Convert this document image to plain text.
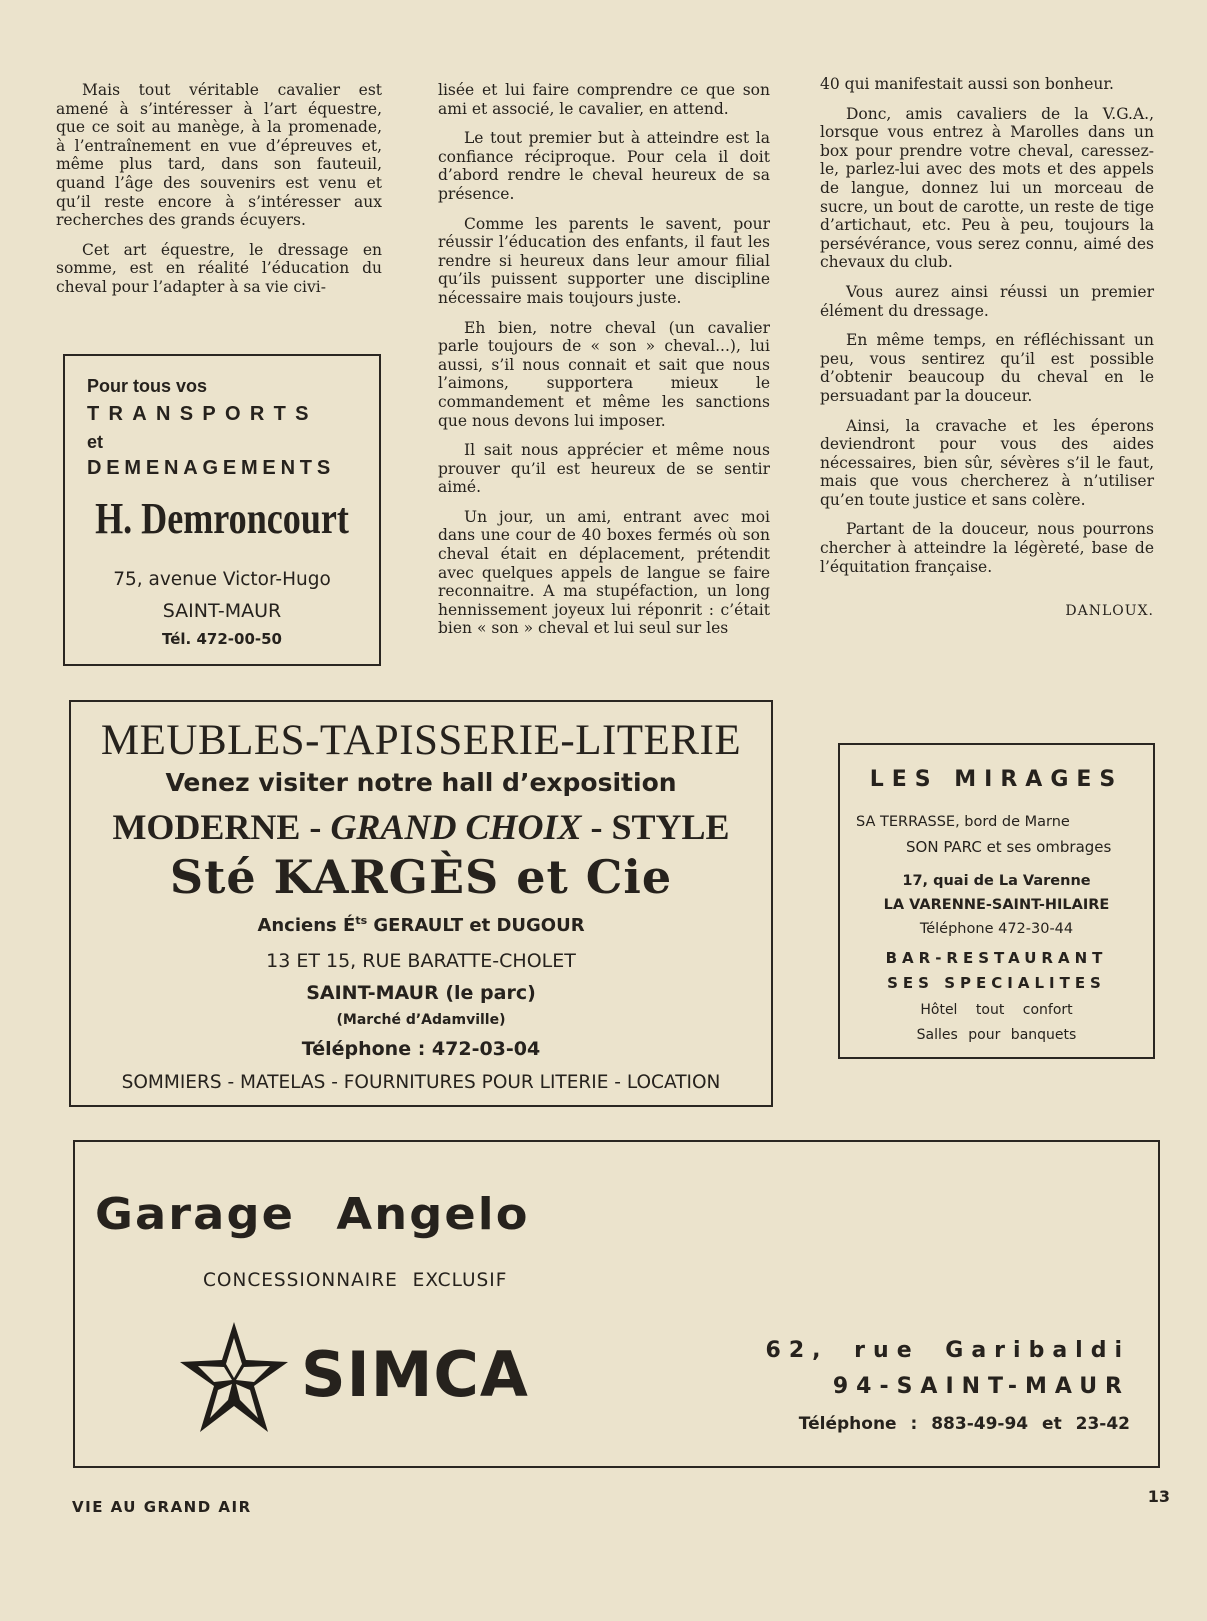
Mais tout véritable cavalier est amené à s’intéresser à l’art équestre, que ce soit au manège, à la promenade, à l’entraînement en vue d’épreuves et, même plus tard, dans son fauteuil, quand l’âge des souvenirs est venu et qu’il reste encore à s’intéresser aux recherches des grands écuyers.

Cet art équestre, le dressage en somme, est en réalité l’éducation du cheval pour l’adapter à sa vie civi-

lisée et lui faire comprendre ce que son ami et associé, le cavalier, en attend.

Le tout premier but à atteindre est la confiance réciproque. Pour cela il doit d’abord rendre le cheval heureux de sa présence.

Comme les parents le savent, pour réussir l’éducation des enfants, il faut les rendre si heureux dans leur amour filial qu’ils puissent supporter une discipline nécessaire mais toujours juste.

Eh bien, notre cheval (un cavalier parle toujours de « son » cheval...), lui aussi, s’il nous connait et sait que nous l’aimons, supportera mieux le commandement et même les sanctions que nous devons lui imposer.

Il sait nous apprécier et même nous prouver qu’il est heureux de se sentir aimé.

Un jour, un ami, entrant avec moi dans une cour de 40 boxes fermés où son cheval était en déplacement, prétendit avec quelques appels de langue se faire reconnaitre. A ma stupéfaction, un long hennissement joyeux lui réponrit : c’était bien « son » cheval et lui seul sur les

40 qui manifestait aussi son bonheur.

Donc, amis cavaliers de la V.G.A., lorsque vous entrez à Marolles dans un box pour prendre votre cheval, caressez-le, parlez-lui avec des mots et des appels de langue, donnez lui un morceau de sucre, un bout de carotte, un reste de tige d’artichaut, etc. Peu à peu, toujours la persévérance, vous serez connu, aimé des chevaux du club.

Vous aurez ainsi réussi un premier élément du dressage.

En même temps, en réfléchissant un peu, vous sentirez qu’il est possible d’obtenir beaucoup du cheval en le persuadant par la douceur.

Ainsi, la cravache et les éperons deviendront pour vous des aides nécessaires, bien sûr, sévères s’il le faut, mais que vous chercherez à n’utiliser qu’en toute justice et sans colère.

Partant de la douceur, nous pourrons chercher à atteindre la légèreté, base de l’équitation française.

DANLOUX.
Pour tous vos
TRANSPORTS
et
DEMENAGEMENTS
H. Demroncourt
75, avenue Victor-Hugo
SAINT-MAUR
Tél. 472-00-50
MEUBLES-TAPISSERIE-LITERIE
Venez visiter notre hall d’exposition
MODERNE - GRAND CHOIX - STYLE
Sté KARGÈS et Cie
Anciens $É^{ts}$ GERAULT et DUGOUR
13 ET 15, RUE BARATTE-CHOLET
SAINT-MAUR (le parc)
(Marché d’Adamville)
Téléphone : 472-03-04
SOMMIERS - MATELAS - FOURNITURES POUR LITERIE - LOCATION
LES MIRAGES
SA TERRASSE, bord de Marne
SON PARC et ses ombrages
17, quai de La Varenne
LA VARENNE-SAINT-HILAIRE
Téléphone 472-30-44
BAR-RESTAURANT
SES SPECIALITES
Hôtel tout confort
Salles pour banquets
Garage Angelo
CONCESSIONNAIRE EXCLUSIF
SIMCA	62, rue Garibaldi
94-SAINT-MAUR
Téléphone : 883-49-94 et 23-42
VIE AU GRAND AIR
13
